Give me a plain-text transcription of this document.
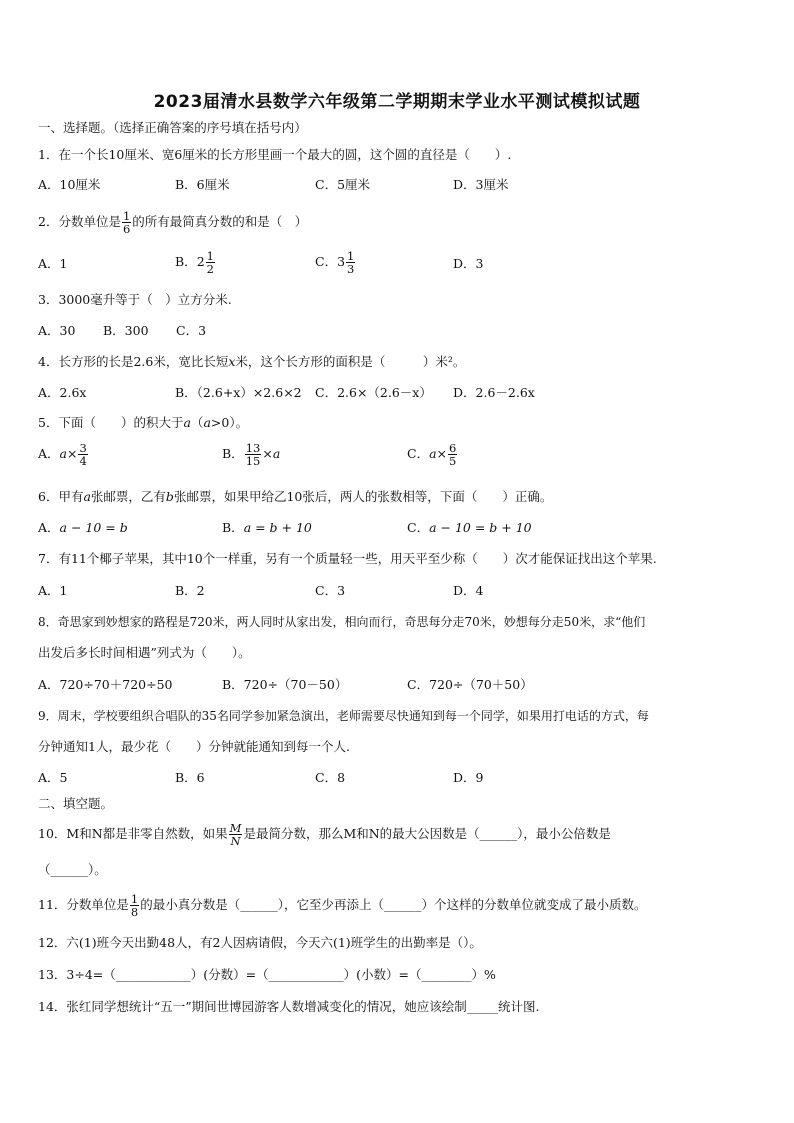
2023届清水县数学六年级第二学期期末学业水平测试模拟试题
一、选择题。（选择正确答案的序号填在括号内）
1．在一个长10厘米、宽6厘米的长方形里画一个最大的圆，这个圆的直径是（　　）.
A．10厘米	B．6厘米	C．5厘米	D．3厘米
2．分数单位是 $\frac{1}{6}$ 的所有最简真分数的和是（　）
A．1	B．$2 \frac{1}{2}$	C．$3 \frac{1}{3}$	D．3
3．3000毫升等于（　）立方分米.
A．30 B．300 C．3
4．长方形的长是2.6米，宽比长短x米，这个长方形的面积是（　　　）米²。
A．2.6x	B．（2.6+x）×2.6×2 C．2.6×（2.6－x） D．2.6－2.6x
5．下面（　　）的积大于a（a>0）。
A．$a\times \frac{3}{4}$	B． $\frac{13}{15} \times a$	C．$a\times \frac{6}{5}$
6．甲有a张邮票，乙有b张邮票，如果甲给乙10张后，两人的张数相等，下面（　　）正确。
A．a − 10 = b	B．a = b + 10	C．a − 10 = b + 10
7．有11个椰子苹果，其中10个一样重，另有一个质量轻一些，用天平至少称（　　）次才能保证找出这个苹果.
A．1	B．2	C．3	D．4
8．奇思家到妙想家的路程是720米，两人同时从家出发，相向而行，奇思每分走70米，妙想每分走50米，求“他们
出发后多长时间相遇”列式为（　　）。
A．720÷70＋720÷50	B．720÷（70－50）	C．720÷（70＋50）
9．周末，学校要组织合唱队的35名同学参加紧急演出，老师需要尽快通知到每一个同学，如果用打电话的方式，每
分钟通知1人，最少花（　　）分钟就能通知到每一个人.
A．5	B．6	C．8	D．9
二、填空题。
10．M和N都是非零自然数，如果 $\frac{M}{N}$ 是最简分数，那么M和N的最大公因数是（______），最小公倍数是
（______）。
11．分数单位是 $\frac{1}{8}$ 的最小真分数是（______），它至少再添上（______）个这样的分数单位就变成了最小质数。
12．六(1)班今天出勤48人，有2人因病请假，今天六(1)班学生的出勤率是（）。
13．3÷4=（____________）(分数）=（____________）(小数）=（________）%
14．张红同学想统计“五一”期间世博园游客人数增减变化的情况，她应该绘制_____统计图.
